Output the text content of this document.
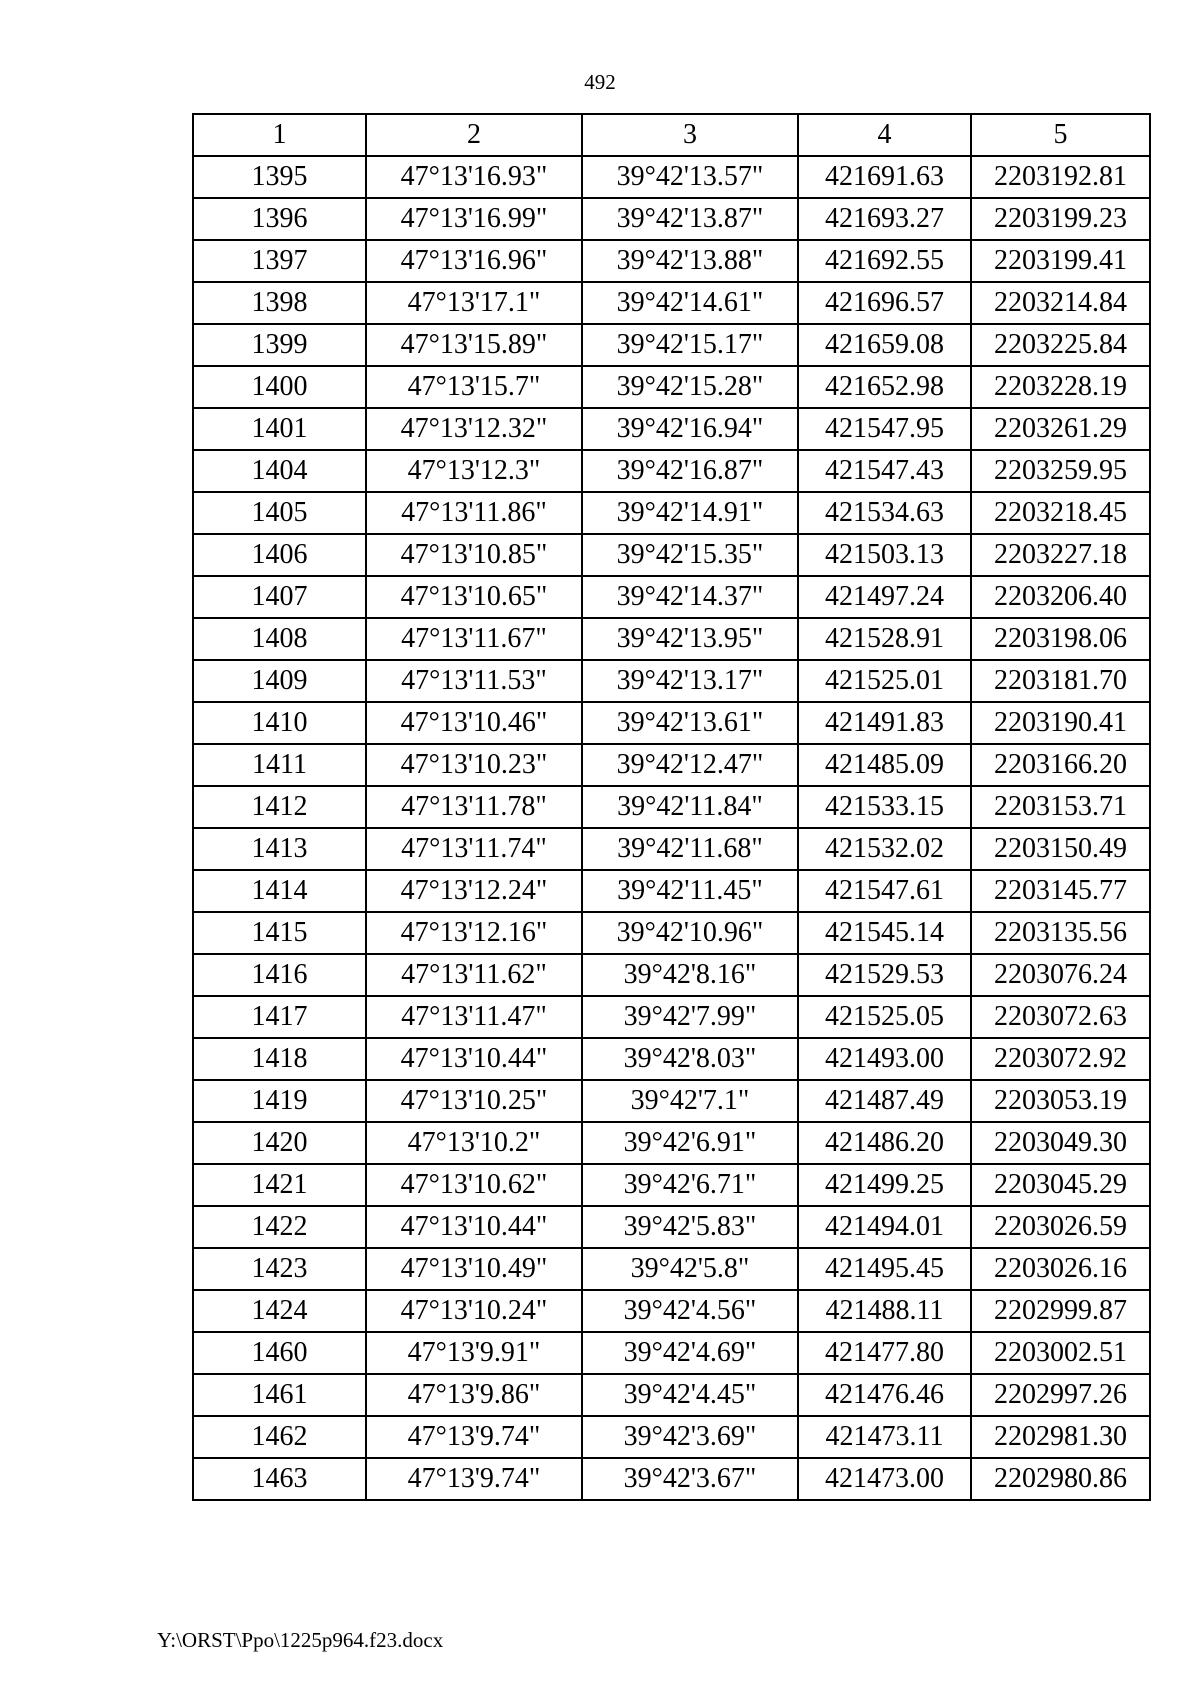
492
1	2	3	4	5
1395	47°13'16.93"	39°42'13.57"	421691.63	2203192.81
1396	47°13'16.99"	39°42'13.87"	421693.27	2203199.23
1397	47°13'16.96"	39°42'13.88"	421692.55	2203199.41
1398	47°13'17.1"	39°42'14.61"	421696.57	2203214.84
1399	47°13'15.89"	39°42'15.17"	421659.08	2203225.84
1400	47°13'15.7"	39°42'15.28"	421652.98	2203228.19
1401	47°13'12.32"	39°42'16.94"	421547.95	2203261.29
1404	47°13'12.3"	39°42'16.87"	421547.43	2203259.95
1405	47°13'11.86"	39°42'14.91"	421534.63	2203218.45
1406	47°13'10.85"	39°42'15.35"	421503.13	2203227.18
1407	47°13'10.65"	39°42'14.37"	421497.24	2203206.40
1408	47°13'11.67"	39°42'13.95"	421528.91	2203198.06
1409	47°13'11.53"	39°42'13.17"	421525.01	2203181.70
1410	47°13'10.46"	39°42'13.61"	421491.83	2203190.41
1411	47°13'10.23"	39°42'12.47"	421485.09	2203166.20
1412	47°13'11.78"	39°42'11.84"	421533.15	2203153.71
1413	47°13'11.74"	39°42'11.68"	421532.02	2203150.49
1414	47°13'12.24"	39°42'11.45"	421547.61	2203145.77
1415	47°13'12.16"	39°42'10.96"	421545.14	2203135.56
1416	47°13'11.62"	39°42'8.16"	421529.53	2203076.24
1417	47°13'11.47"	39°42'7.99"	421525.05	2203072.63
1418	47°13'10.44"	39°42'8.03"	421493.00	2203072.92
1419	47°13'10.25"	39°42'7.1"	421487.49	2203053.19
1420	47°13'10.2"	39°42'6.91"	421486.20	2203049.30
1421	47°13'10.62"	39°42'6.71"	421499.25	2203045.29
1422	47°13'10.44"	39°42'5.83"	421494.01	2203026.59
1423	47°13'10.49"	39°42'5.8"	421495.45	2203026.16
1424	47°13'10.24"	39°42'4.56"	421488.11	2202999.87
1460	47°13'9.91"	39°42'4.69"	421477.80	2203002.51
1461	47°13'9.86"	39°42'4.45"	421476.46	2202997.26
1462	47°13'9.74"	39°42'3.69"	421473.11	2202981.30
1463	47°13'9.74"	39°42'3.67"	421473.00	2202980.86
Y:\ORST\Ppo\1225p964.f23.docx
